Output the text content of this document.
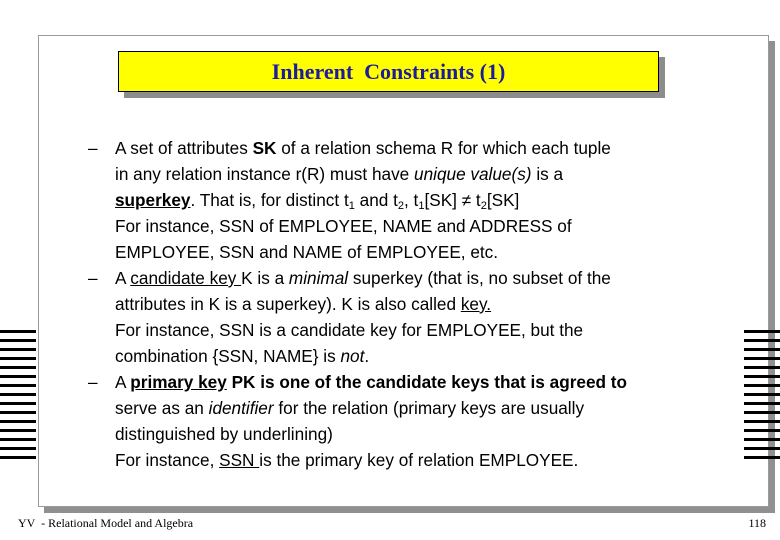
Inherent  Constraints (1)
– A set of attributes SK of a relation schema R for which each tuple
in any relation instance r(R) must have unique value(s) is a
superkey. That is, for distinct $t_1$ and $t_2$, $t_1[SK] \ne t_2[SK]$
For instance, SSN of EMPLOYEE, NAME and ADDRESS of
EMPLOYEE, SSN and NAME of EMPLOYEE, etc.
– A candidate key K is a minimal superkey (that is, no subset of the
attributes in K is a superkey). K is also called key.
For instance, SSN is a candidate key for EMPLOYEE, but the
combination {SSN, NAME} is not.
– A primary key PK is one of the candidate keys that is agreed to
serve as an identifier for the relation (primary keys are usually
distinguished by underlining)
For instance, SSN is the primary key of relation EMPLOYEE.
YV  - Relational Model and Algebra	118
